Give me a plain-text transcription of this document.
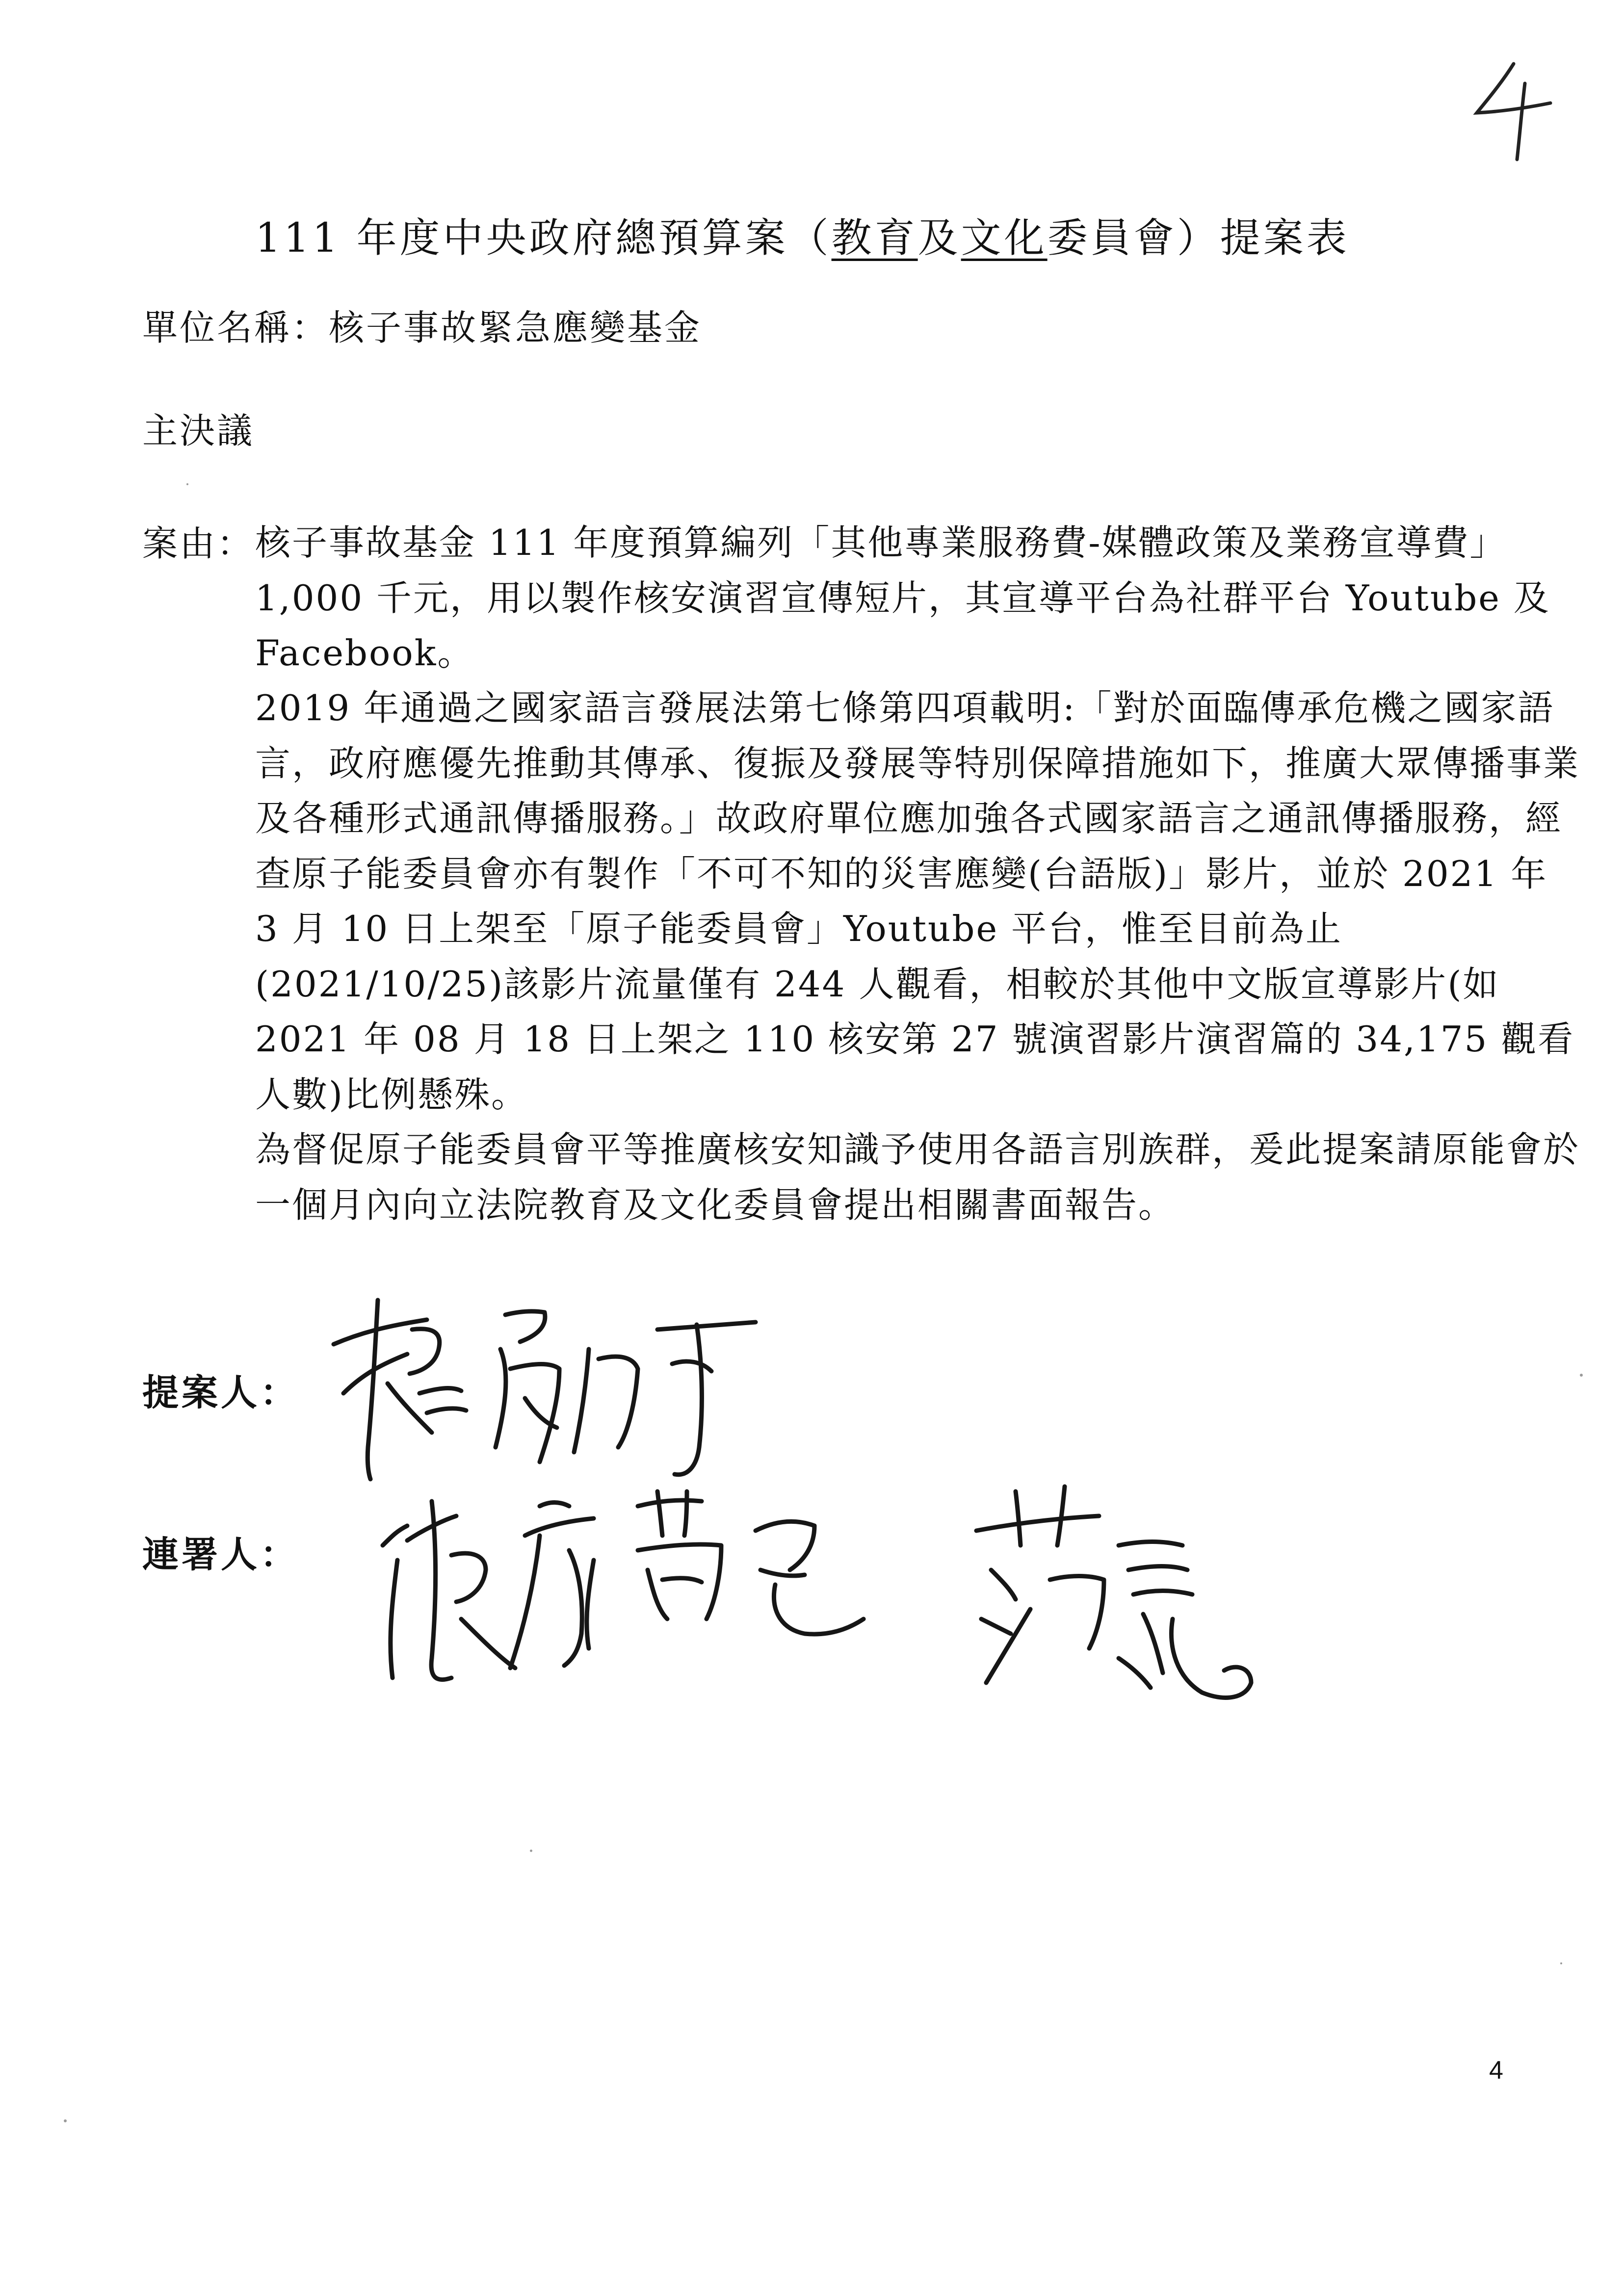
111 年度中央政府總預算案（教育及文化委員會）提案表
單位名稱：核子事故緊急應變基金
主決議
案由： 核子事故基金 111 年度預算編列「其他專業服務費-媒體政策及業務宣導費」1,000 千元，用以製作核安演習宣傳短片，其宣導平台為社群平台 Youtube 及 Facebook。

2019 年通過之國家語言發展法第七條第四項載明:「對於面臨傳承危機之國家語言，政府應優先推動其傳承、復振及發展等特別保障措施如下，推廣大眾傳播事業及各種形式通訊傳播服務。」故政府單位應加強各式國家語言之通訊傳播服務，經查原子能委員會亦有製作「不可不知的災害應變(台語版)」影片，並於 2021 年 3 月 10 日上架至「原子能委員會」Youtube 平台，惟至目前為止 (2021/10/25)該影片流量僅有 244 人觀看，相較於其他中文版宣導影片(如 2021 年 08 月 18 日上架之 110 核安第 27 號演習影片演習篇的 34,175 觀看人數)比例懸殊。

為督促原子能委員會平等推廣核安知識予使用各語言別族群，爰此提案請原能會於一個月內向立法院教育及文化委員會提出相關書面報告。

提案人：
連署人：
4
